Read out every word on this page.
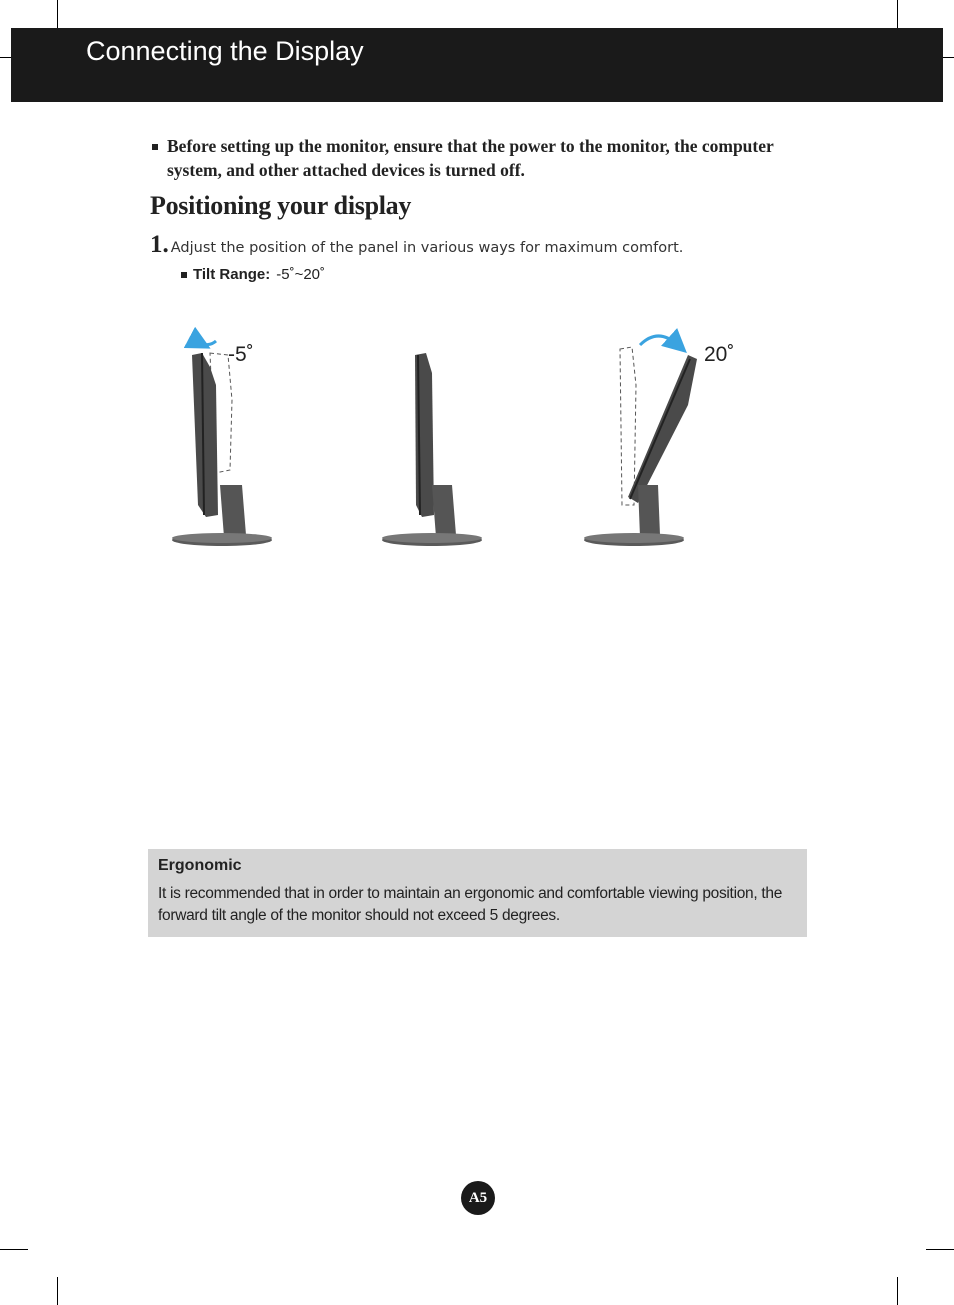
Connecting the Display
Before setting up the monitor, ensure that the power to the monitor, the computer system, and other attached devices is turned off.
Positioning your display
1. Adjust the position of the panel in various ways for maximum comfort.
Tilt Range: -5˚~20˚
-5˚	20˚
Ergonomic
It is recommended that in order to maintain an ergonomic and comfortable viewing position, the forward tilt angle of the monitor should not exceed 5 degrees.
A5
